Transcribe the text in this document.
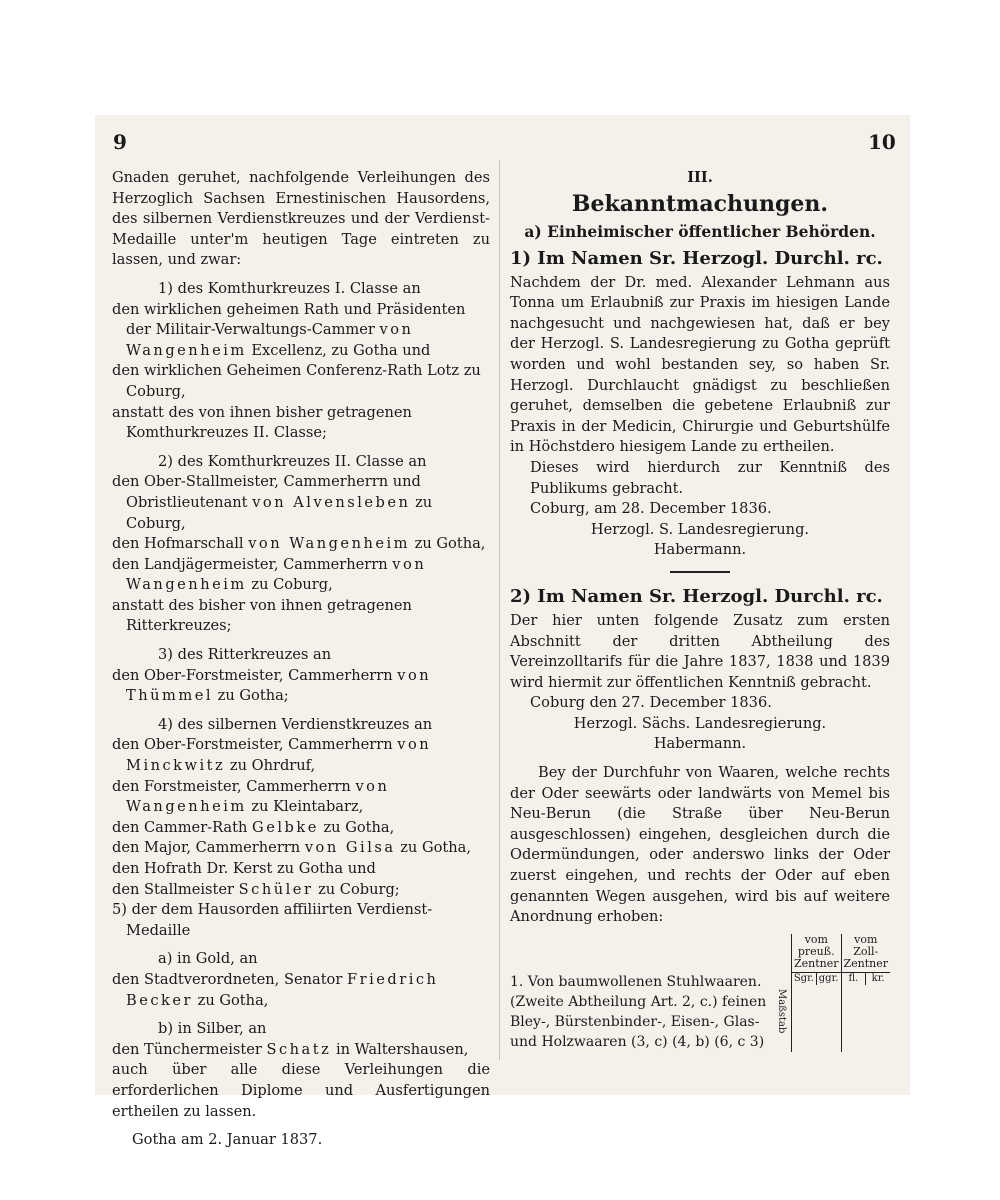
9	10

Gnaden geruhet, nachfolgende Verleihungen des Herzoglich Sachsen Ernestinischen Hausordens, des silbernen Verdienstkreuzes und der Verdienst-Medaille unter'm heutigen Tage eintreten zu lassen, und zwar:

1) des Komthurkreuzes I. Classe an

den wirklichen geheimen Rath und Präsidenten der Militair-Verwaltungs-Cammer von Wangenheim Excellenz, zu Gotha und

den wirklichen Geheimen Conferenz-Rath Lotz zu Coburg,

anstatt des von ihnen bisher getragenen Komthurkreuzes II. Classe;

2) des Komthurkreuzes II. Classe an

den Ober-Stallmeister, Cammerherrn und Obristlieutenant von Alvensleben zu Coburg,

den Hofmarschall von Wangenheim zu Gotha,

den Landjägermeister, Cammerherrn von Wangenheim zu Coburg,

anstatt des bisher von ihnen getragenen Ritterkreuzes;

3) des Ritterkreuzes an

den Ober-Forstmeister, Cammerherrn von Thümmel zu Gotha;

4) des silbernen Verdienstkreuzes an

den Ober-Forstmeister, Cammerherrn von Minckwitz zu Ohrdruf,

den Forstmeister, Cammerherrn von Wangenheim zu Kleintabarz,

den Cammer-Rath Gelbke zu Gotha,

den Major, Cammerherrn von Gilsa zu Gotha,

den Hofrath Dr. Kerst zu Gotha und

den Stallmeister Schüler zu Coburg;

5) der dem Hausorden affiliirten Verdienst-Medaille

a) in Gold, an

den Stadtverordneten, Senator Friedrich Becker zu Gotha,

b) in Silber, an

den Tünchermeister Schatz in Waltershausen,

auch über alle diese Verleihungen die erforderlichen Diplome und Ausfertigungen ertheilen zu lassen.

Gotha am 2. Januar 1837.

III.

Bekanntmachungen.
a) Einheimischer öffentlicher Behörden.
1) Im Namen Sr. Herzogl. Durchl. rc.

Nachdem der Dr. med. Alexander Lehmann aus Tonna um Erlaubniß zur Praxis im hiesigen Lande nachgesucht und nachgewiesen hat, daß er bey der Herzogl. S. Landesregierung zu Gotha geprüft worden und wohl bestanden sey, so haben Sr. Herzogl. Durchlaucht gnädigst zu beschließen geruhet, demselben die gebetene Erlaubniß zur Praxis in der Medicin, Chirurgie und Geburtshülfe in Höchstdero hiesigem Lande zu ertheilen.

Dieses wird hierdurch zur Kenntniß des Publikums gebracht.

Coburg, am 28. December 1836.

Herzogl. S. Landesregierung.

Habermann.

2) Im Namen Sr. Herzogl. Durchl. rc.

Der hier unten folgende Zusatz zum ersten Abschnitt der dritten Abtheilung des Vereinzolltarifs für die Jahre 1837, 1838 und 1839 wird hiermit zur öffentlichen Kenntniß gebracht.

Coburg den 27. December 1836.

Herzogl. Sächs. Landesregierung.

Habermann.

Bey der Durchfuhr von Waaren, welche rechts der Oder seewärts oder landwärts von Memel bis Neu-Berun (die Straße über Neu-Berun ausgeschlossen) eingehen, desgleichen durch die Odermündungen, oder anderswo links der Oder zuerst eingehen, und rechts der Oder auf eben genannten Wegen ausgehen, wird bis auf weitere Anordnung erhoben:

1. Von baumwollenen Stuhlwaaren. (Zweite Abtheilung Art. 2, c.) feinen Bley-, Bürstenbinder-, Eisen-, Glas- und Holzwaaren (3, c) (4, b) (6, c 3)
Maßstab
vom preuß. Zentner
Sgr. ggr.
vom Zoll-Zentner
fl.	kr.
